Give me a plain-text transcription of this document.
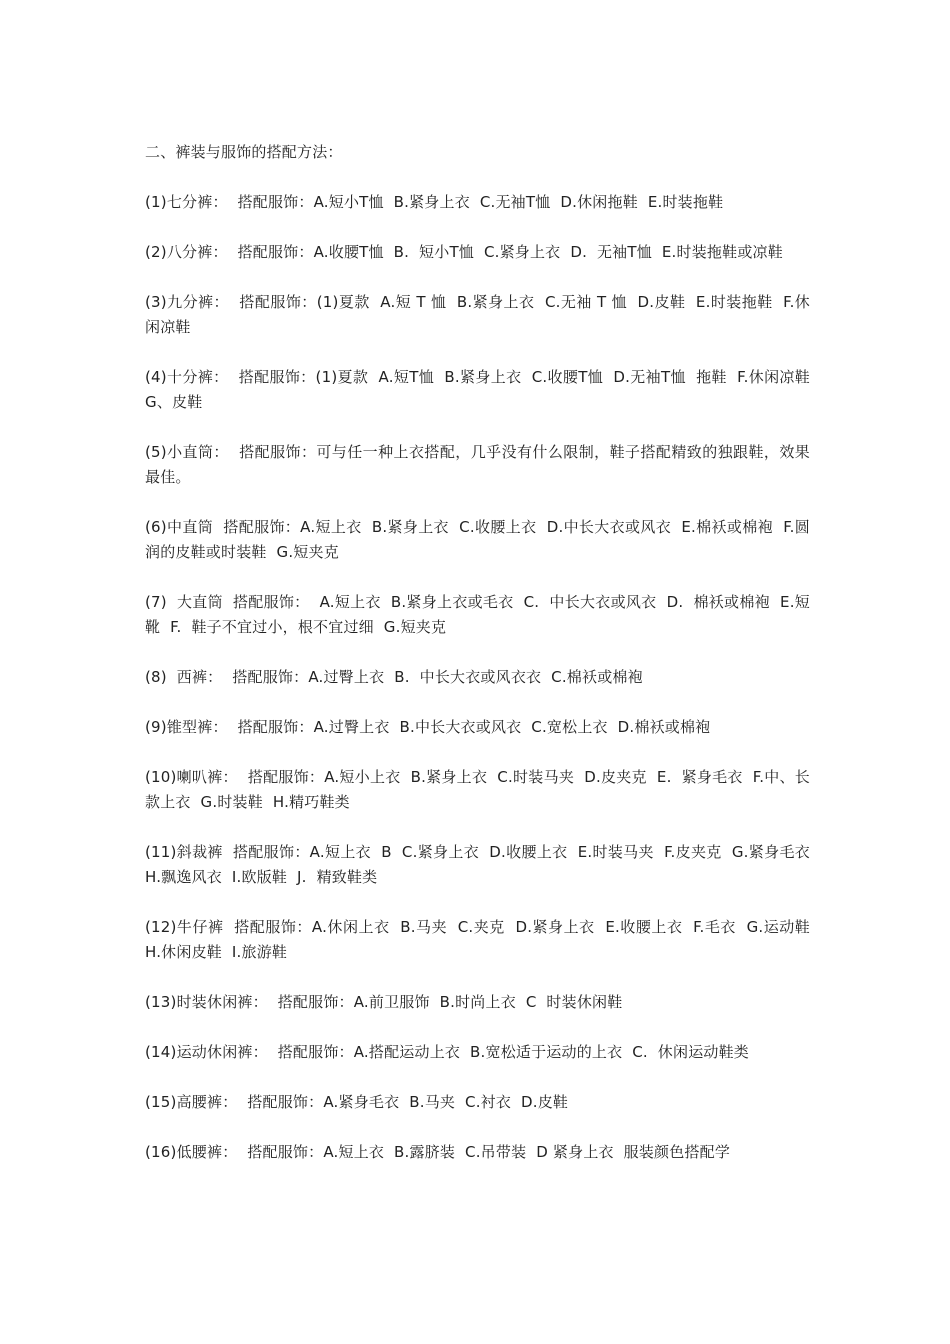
二、裤装与服饰的搭配方法：
(1)七分裤：  搭配服饰：A.短小T恤  B.紧身上衣  C.无袖T恤  D.休闲拖鞋  E.时装拖鞋
(2)八分裤：  搭配服饰：A.收腰T恤  B.  短小T恤  C.紧身上衣  D.  无袖T恤  E.时装拖鞋或凉鞋
(3)九分裤：  搭配服饰：(1)夏款  A.短 T 恤  B.紧身上衣  C.无袖 T 恤  D.皮鞋  E.时装拖鞋  F.休闲凉鞋
(4)十分裤：  搭配服饰：(1)夏款  A.短T恤  B.紧身上衣  C.收腰T恤  D.无袖T恤  拖鞋  F.休闲凉鞋  G、皮鞋
(5)小直筒：  搭配服饰：可与任一种上衣搭配，几乎没有什么限制，鞋子搭配精致的独跟鞋，效果最佳。
(6)中直筒  搭配服饰：A.短上衣  B.紧身上衣  C.收腰上衣  D.中长大衣或风衣  E.棉袄或棉袍  F.圆润的皮鞋或时装鞋  G.短夹克
(7)  大直筒  搭配服饰：  A.短上衣  B.紧身上衣或毛衣  C.  中长大衣或风衣  D.  棉袄或棉袍  E.短靴  F.  鞋子不宜过小，根不宜过细  G.短夹克
(8)  西裤：  搭配服饰：A.过臀上衣  B.  中长大衣或风衣衣  C.棉袄或棉袍
(9)锥型裤：  搭配服饰：A.过臀上衣  B.中长大衣或风衣  C.宽松上衣  D.棉袄或棉袍
(10)喇叭裤：  搭配服饰：A.短小上衣  B.紧身上衣  C.时装马夹  D.皮夹克  E.  紧身毛衣  F.中、长款上衣  G.时装鞋  H.精巧鞋类
(11)斜裁裤  搭配服饰：A.短上衣  B  C.紧身上衣  D.收腰上衣  E.时装马夹  F.皮夹克  G.紧身毛衣  H.飘逸风衣  I.欧版鞋  J.  精致鞋类
(12)牛仔裤  搭配服饰：A.休闲上衣  B.马夹  C.夹克  D.紧身上衣  E.收腰上衣  F.毛衣  G.运动鞋  H.休闲皮鞋  I.旅游鞋
(13)时装休闲裤：  搭配服饰：A.前卫服饰  B.时尚上衣  C  时装休闲鞋
(14)运动休闲裤：  搭配服饰：A.搭配运动上衣  B.宽松适于运动的上衣  C.  休闲运动鞋类
(15)高腰裤：  搭配服饰：A.紧身毛衣  B.马夹  C.衬衣  D.皮鞋
(16)低腰裤：  搭配服饰：A.短上衣  B.露脐装  C.吊带装  D 紧身上衣  服装颜色搭配学
